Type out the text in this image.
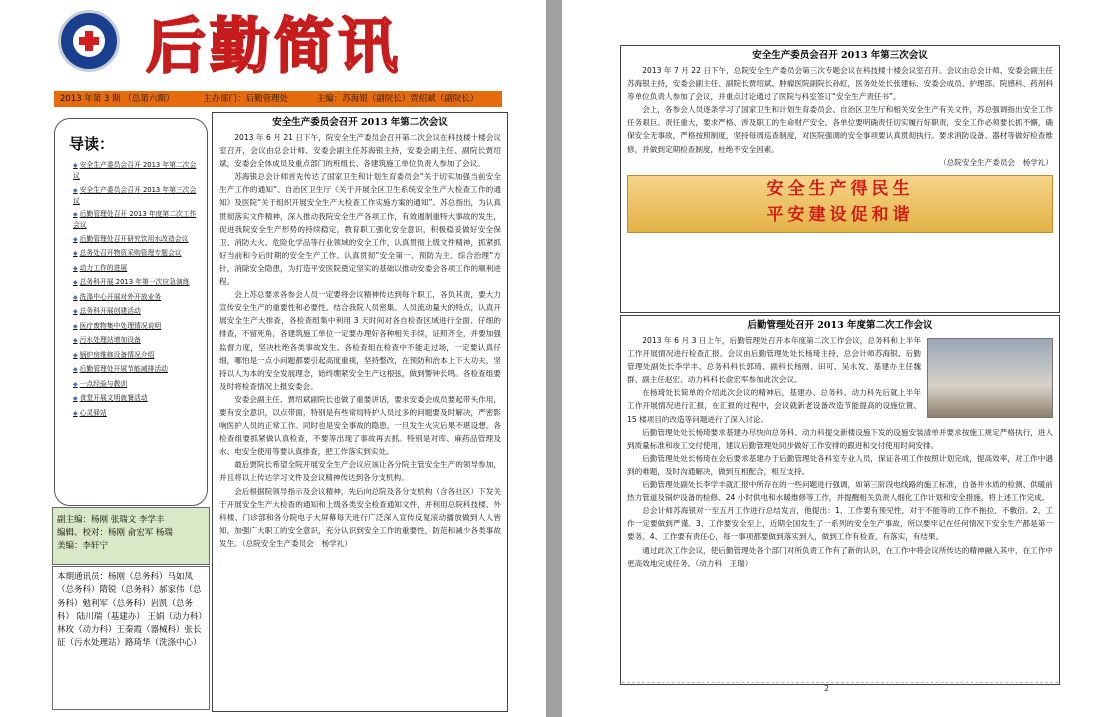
后勤简讯
2013 年第 3 期 （总第六期）	主办部门：后勤管理处	主编：苏海银（副院长）贾绍斌（副院长）
导读：
◆ 安全生产委员会召开 2013 年第二次会议
◆ 安全生产委员会召开 2013 年第三次会议
◆ 后勤管理处召开 2013 年度第二次工作会议
◆ 后勤管理处召开研究饮用水改造会议
◆ 总务处召开物资采购管理专题会议
◆ 动力工作的进展
◆ 总务科开展 2013 年第一次应急演练
◆ 洗涤中心开展对外开放业务
◆ 总务科开展创建活动
◆ 医疗废物集中处理情况说明
◆ 污水处理站增加设备
◆ 锅炉房维修设备情况介绍
◆ 后勤管理处开展节能减排活动
◆ 一点经验与教训
◆ 食堂开展文明就餐活动
◆ 心灵驿站
副主编：杨刚 张瑞文 李学丰
编辑、校对：杨刚 俞宏军 杨瑞
美编：李轩宁
本期通讯员：杨刚（总务科）马如凤（总务科）隋锐（总务科）郝家伟（总务科）勉利军（总务科）岩凯（总务科） 陆川瑞（基建办） 王娟（动力科）林玫（动力科）王秦霞（器械科）张长征（污水处理站）路琦华（洗涤中心）
安全生产委员会召开 2013 年第二次会议

2013 年 6 月 21 日下午，院安全生产委员会召开第二次会议在科技楼十楼会议室召开，会议由总会计师、安委会副主任苏海银主持，安委会副主任、副院长贾绍斌，安委会全体成员及重点部门的班组长、各建筑施工单位负责人参加了会议。

苏海银总会计师首先传达了国家卫生和计划生育委员会“关于切实加强当前安全生产工作的通知”、自治区卫生厅《关于开展全区卫生系统安全生产大检查工作的通知》及医院“关于组织开展安全生产大检查工作实施方案的通知”。苏总指出，为认真贯彻落实文件精神，深入推动我院安全生产各项工作，有效遏制重特大事故的发生，促进我院安全生产形势的持续稳定，教育职工强化安全意识，积极稳妥做好安全保卫、消防大火、危险化学品等行业领域的安全工作，认真贯彻上级文件精神，抓紧抓好当前和今后时期的安全生产工作。认真贯彻“安全第一、预防为主、综合治理”方针，消除安全隐患，为打造平安医院奠定坚实的基础以推动安委会各项工作的顺利进程。

会上苏总要求各参会人员一定要将会议精神传达到每个职工，各负其责，要大力宣传安全生产的重要性和必要性。结合我院人员密集、人员流动量大的特点，认真开展安全生产大排查，各检查组集中利用 3 天时间对各自检查区域进行全面、仔细的排查，不留死角，各建筑施工单位一定要办理好各种相关手续，证照齐全，并要加强监督力度，坚决杜绝各类事故发生。各检查组在检查中不能走过场，一定要认真仔细，哪怕是一点小问题都要引起高度重视，坚持整改，在预防和治本上下大功夫，坚持以人为本的安全发展理念，始终绷紧安全生产这根弦，做到警钟长鸣。各检查组要及时将检查情况上报安委会。

安委会副主任、贾绍斌副院长也做了重要讲话，要求安委会成员要起带头作用，要有安全意识，以点带面，特别是有些常局特护人员过多的问题要及时解决，严密影响医护人员的正常工作。同时也是安全事故的隐患，一旦发生火灾后果不堪设想。各检查组要抓紧做认真检查，不要等出现了事故再去抓。特别是对库、麻药品管理及水、电安全使用等要认真排查，把工作落实到实处。

最后贾院长希望全院开展安全生产会议应该让各分院主管安全生产的领导参加，并且将以上传达学习文件及会议精神传达到各分支机构。

会后根据院领导指示及会议精神，先后向总院及各分支机构（含各社区）下发关于开展安全生产大检查的通知和上级各类安全检查通知文件，并利用总院科技楼、外科楼、门诊部和各分院电子大屏幕每天进行广泛深入宣传反复滚动播放做到人人皆知，加强广大职工的安全意识，充分认识到安全工作的重要性，防范和减少各类事故发生。（总院安全生产委员会　杨学礼）

安全生产委员会召开 2013 年第三次会议

2013 年 7 月 22 日下午，总院安全生产委员会第三次专题会议在科技楼十楼会议室召开。会议由总会计师、安委会副主任苏海银主持，安委会副主任、副院长贾绍斌、肿瘤医院副院长孙虹，医务处处长张建标、安委会成员、护理部、院感科、药剂科等单位负责人参加了会议，并重点讨论通过了医院与科室签订“安全生产责任书”。

会上，各参会人员逐条学习了国家卫生和计划生育委员会、自治区卫生厅和相关安全生产有关文件，苏总强调指出安全工作任务艰巨、责任重大，要求严格、涉及职工的生命财产安全，各单位要明确责任切实履行好职责，安全工作必须要长抓不懈，确保安全无事故，严格按照制度，坚持每周巡查制度，对医院强调的安全事项要认真贯彻执行。要求消防设备、器材等做好检查维修，并做到定期检查制度，杜绝不安全因素。

（总院安全生产委员会　杨学礼）

安全生产得民生
平安建设促和谐
后勤管理处召开 2013 年度第二次工作会议

2013 年 6 月 3 日上午，后勤管理处召开本年度第二次工作会议，总务科和上半年工作开展情况进行检查汇报。会议由后勤管理处处长杨琦主持，总会计师苏海银、后勤管理处副处长李学丰、总务科科长郭琦、副科长杨刚、田可、吴永发、基建办主任魏群、副主任赵宏、动力科科长俞宏军参加此次会议。

在杨琦处长简单的介绍此次会议的精神后，基建办、总务科、动力科先后就上半年工作开展情况进行汇报，在汇报的过程中，会议就新老设备改造节能提高的设施位置、15 楼项目的改造等问题进行了深入讨论。

后勤管理处处长杨琦要求基建办尽快向总务科、动力科提交新楼设施下发的设施安装清单并要求按施工规定严格执行，进入到质量标准和竣工交付使用，建议后勤管理处同步做好工作安排的跟进和交付使用时间安排。

后勤管理处处长杨琦在会后要求基建办于后勤管理处各科室专业人员，保证各项工作按照计划完成，提高效率，对工作中遇到的难题，及时沟通解决，做到互相配合，相互支持。

后勤管理处副处长李学丰就汇报中所存在的一些问题进行强调，如第三阶段电线路的施工标准，自备井水质的检测、供暖前热力管道及锅炉设备的检修、24 小时供电和水暖维修等工作，并提醒相关负责人细化工作计划和安全措施，将上述工作完成。

总会计师苏海银对一至五月工作进行总结发言，他提出：1、工作要有预见性，对于不能等的工作不拖拉、不敷衍。2、工作一定要做到严谨。3、工作要安全至上，近期全国发生了一系列的安全生产事故，所以要牢记在任何情况下安全生产都是第一要务。4、工作要有责任心，每一事项都要做到落实到人，做到工作有检查，有落实，有结果。

通过此次工作会议，使后勤管理处各个部门对所负责工作有了新的认识，在工作中将会议所传达的精神融入其中，在工作中更高效地完成任务。（动力科　王瑞）

2
